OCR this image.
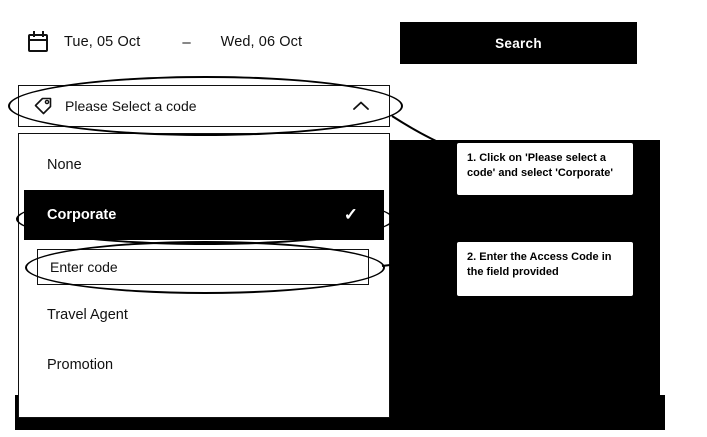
Tue, 05 Oct	– Wed, 06 Oct	Search
Please Select a code
None
Corporate	✓
Travel Agent
Promotion
Enter code
1. Click on 'Please select a code' and select 'Corporate'
2. Enter the Access Code in the field provided
